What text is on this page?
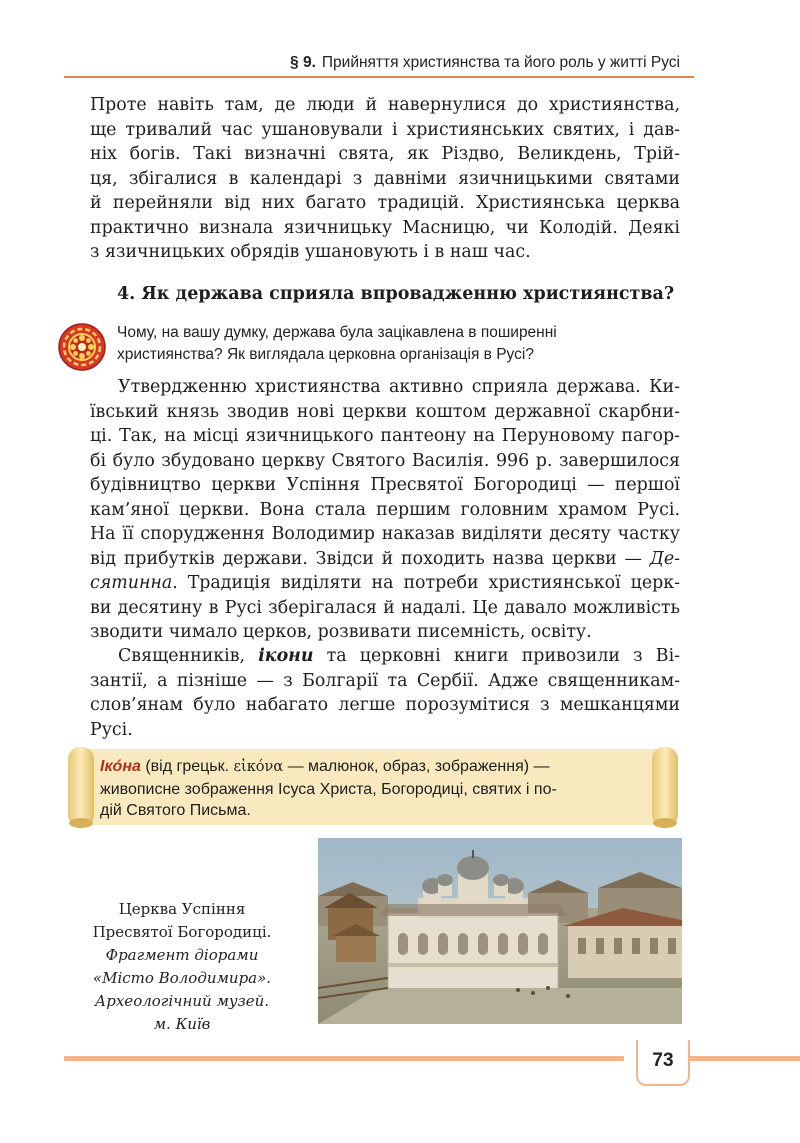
§ 9. Прийняття християнства та його роль у житті Русі
Проте навіть там, де люди й навернулися до християнства,
ще тривалий час ушановували і християнських святих, і дав-
ніх богів. Такі визначні свята, як Різдво, Великдень, Трій-
ця, збігалися в календарі з давніми язичницькими святами
й перейняли від них багато традицій. Християнська церква
практично визнала язичницьку Масницю, чи Колодій. Деякі
з язичницьких обрядів ушановують і в наш час.
4. Як держава сприяла впровадженню християнства?
Чому, на вашу думку, держава була зацікавлена в поширенні
християнства? Як виглядала церковна організація в Русі?
Утвердженню християнства активно сприяла держава. Ки-
ївський князь зводив нові церкви коштом державної скарбни-
ці. Так, на місці язичницького пантеону на Перуновому пагор-
бі було збудовано церкву Святого Василія. 996 р. завершилося
будівництво церкви Успіння Пресвятої Богородиці — першої
кам’яної церкви. Вона стала першим головним храмом Русі.
На її спорудження Володимир наказав виділяти десяту частку
від прибутків держави. Звідси й походить назва церкви — Де-
сятинна. Традиція виділяти на потреби християнської церк-
ви десятину в Русі зберігалася й надалі. Це давало можливість
зводити чимало церков, розвивати писемність, освіту.
Священників, ікони та церковні книги привозили з Ві-
зантії, а пізніше — з Болгарії та Сербії. Адже священникам-
слов’янам було набагато легше порозумітися з мешканцями
Русі.
Ікóна (від грецьк. εἰκόνα — малюнок, образ, зображення) —
живописне зображення Ісуса Христа, Богородиці, святих і по-
дій Святого Письма.
Церква Успіння
Пресвятої Богородиці.
Фрагмент діорами
«Місто Володимира».
Археологічний музей.
м. Київ
73
